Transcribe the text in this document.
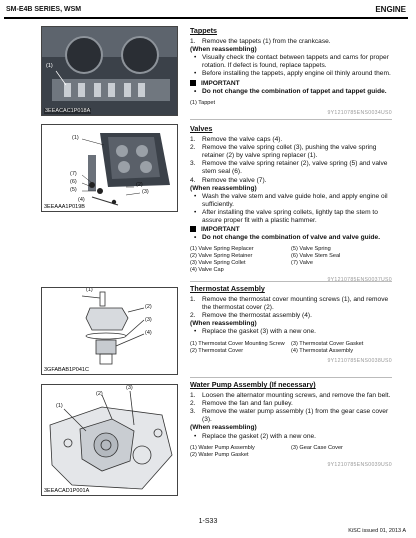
SM-E4B SERIES, WSM	ENGINE
(1)
3EEACAC1P018A
(1)
(7)
(6)
(5)
(4)
(2)
(3)
3EEAAA1P019B
(1)
(2)
(3)
(4)
3GFABAB1P041C
(1)
(2)
(3)
3EEACAD1P001A
Tappets
1. Remove the tappets (1) from the crankcase.
(When reassembling)
• Visually check the contact between tappets and cams for proper rotation. If defect is found, replace tappets.
• Before installing the tappets, apply engine oil thinly around them.
IMPORTANT
• Do not change the combination of tappet and tappet guide.
(1) Tappet
9Y1210785ENS0034US0
Valves
1. Remove the valve caps (4).
2. Remove the valve spring collet (3), pushing the valve spring retainer (2) by valve spring replacer (1).
3. Remove the valve spring retainer (2), valve spring (5) and valve stem seal (6).
4. Remove the valve (7).
(When reassembling)
• Wash the valve stem and valve guide hole, and apply engine oil sufficiently.
• After installing the valve spring collets, lightly tap the stem to assure proper fit with a plastic hammer.
IMPORTANT
• Do not change the combination of valve and valve guide.
(1) Valve Spring Replacer	(5) Valve Spring
(2) Valve Spring Retainer	(6) Valve Stem Seal
(3) Valve Spring Collet	(7) Valve
(4) Valve Cap
Thermostat Assembly
1. Remove the thermostat cover mounting screws (1), and remove the thermostat cover (2).
2. Remove the thermostat assembly (4).
(When reassembling)
• Replace the gasket (3) with a new one.
(1) Thermostat Cover Mounting Screw	(3) Thermostat Cover Gasket
(2) Thermostat Cover	(4) Thermostat Assembly
9Y1210785ENS0038US0
Water Pump Assembly (If necessary)
1. Loosen the alternator mounting screws, and remove the fan belt.
2. Remove the fan and fan pulley.
3. Remove the water pump assembly (1) from the gear case cover (3).
(When reassembling)
• Replace the gasket (2) with a new one.
(1) Water Pump Assembly	(3) Gear Case Cover
(2) Water Pump Gasket
9Y1210785ENS0039US0
1-S33
KiSC issued 01, 2013 A
